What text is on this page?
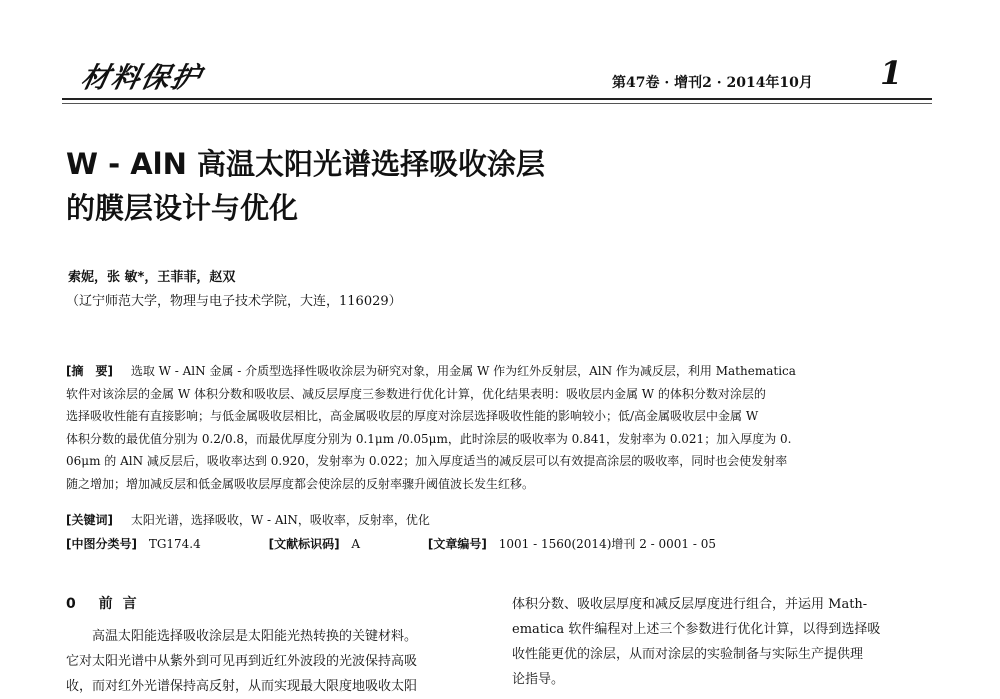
材料保护	第47卷 · 增刊2 · 2014年10月 1
W - AlN 高温太阳光谱选择吸收涂层
的膜层设计与优化
索妮，张 敏*，王菲菲，赵双
（辽宁师范大学，物理与电子技术学院，大连，116029）
[摘　要] 选取 W - AlN 金属 - 介质型选择性吸收涂层为研究对象，用金属 W 作为红外反射层，AlN 作为减反层，利用 Mathematica
软件对该涂层的金属 W 体积分数和吸收层、减反层厚度三参数进行优化计算，优化结果表明：吸收层内金属 W 的体积分数对涂层的
选择吸收性能有直接影响；与低金属吸收层相比，高金属吸收层的厚度对涂层选择吸收性能的影响较小；低/高金属吸收层中金属 W
体积分数的最优值分别为 0.2/0.8，而最优厚度分别为 0.1μm /0.05μm，此时涂层的吸收率为 0.841，发射率为 0.021；加入厚度为 0.
06μm 的 AlN 减反层后，吸收率达到 0.920，发射率为 0.022；加入厚度适当的减反层可以有效提高涂层的吸收率，同时也会使发射率
随之增加；增加减反层和低金属吸收层厚度都会使涂层的反射率骤升阈值波长发生红移。
[关键词] 太阳光谱，选择吸收，W - AlN，吸收率，反射率，优化
[中图分类号] TG174.4	[文献标识码] A	[文章编号] 1001 - 1560(2014)增刊 2 - 0001 - 05
0 前言
高温太阳能选择吸收涂层是太阳能光热转换的关键材料。
它对太阳光谱中从紫外到可见再到近红外波段的光波保持高吸
收，而对红外光谱保持高反射，从而实现最大限度地吸收太阳
体积分数、吸收层厚度和减反层厚度进行组合，并运用 Math-
ematica 软件编程对上述三个参数进行优化计算，以得到选择吸
收性能更优的涂层，从而对涂层的实验制备与实际生产提供理
论指导。
